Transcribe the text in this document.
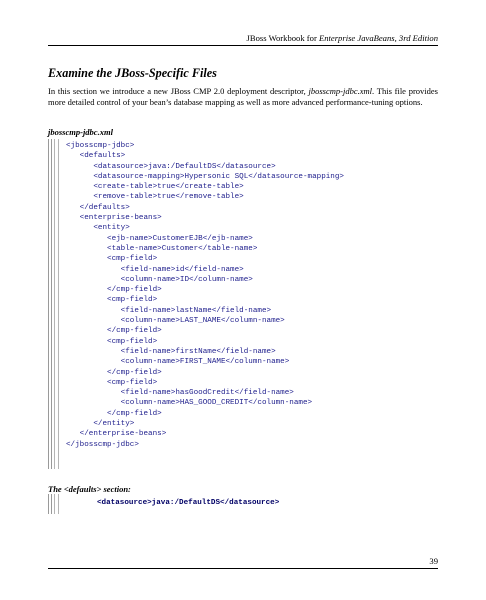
JBoss Workbook for Enterprise JavaBeans, 3rd Edition
Examine the JBoss-Specific Files

In this section we introduce a new JBoss CMP 2.0 deployment descriptor, jbosscmp-jdbc.xml. This file provides more detailed control of your bean’s database mapping as well as more advanced performance-tuning options.

jbosscmp-jdbc.xml
<jbosscmp-jdbc>
<defaults>
<datasource>java:/DefaultDS</datasource>
<datasource-mapping>Hypersonic SQL</datasource-mapping>
<create-table>true</create-table>
<remove-table>true</remove-table>
</defaults>
<enterprise-beans>
<entity>
<ejb-name>CustomerEJB</ejb-name>
<table-name>Customer</table-name>
<cmp-field>
<field-name>id</field-name>
<column-name>ID</column-name>
</cmp-field>
<cmp-field>
<field-name>lastName</field-name>
<column-name>LAST_NAME</column-name>
</cmp-field>
<cmp-field>
<field-name>firstName</field-name>
<column-name>FIRST_NAME</column-name>
</cmp-field>
<cmp-field>
<field-name>hasGoodCredit</field-name>
<column-name>HAS_GOOD_CREDIT</column-name>
</cmp-field>
</entity>
</enterprise-beans>
</jbosscmp-jdbc>
The <defaults> section:
<datasource>java:/DefaultDS</datasource>
39
